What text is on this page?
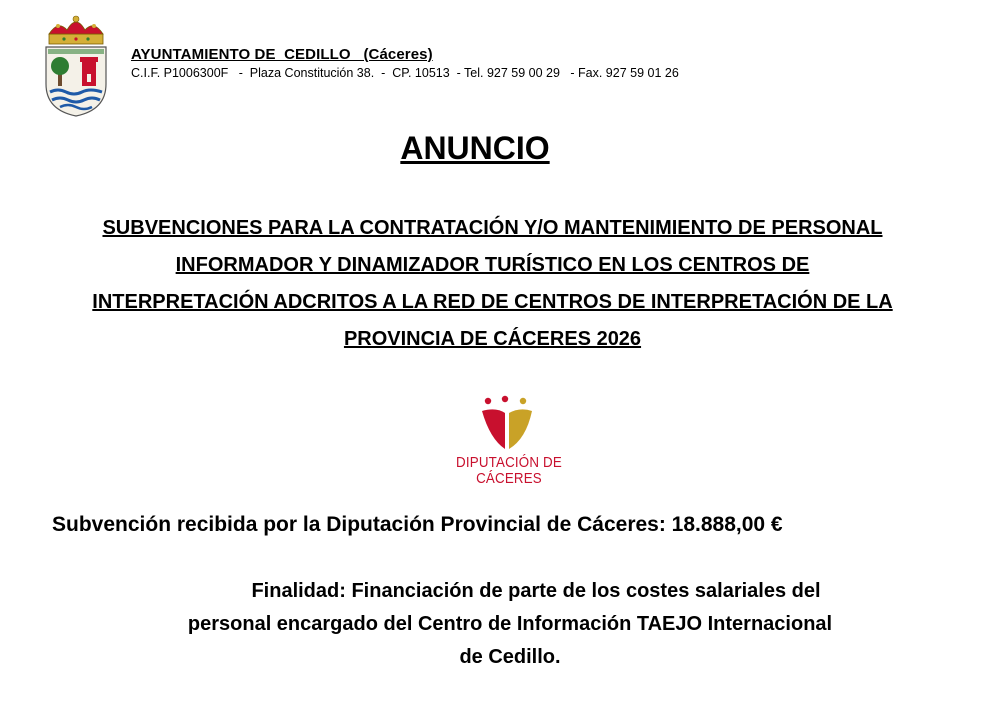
AYUNTAMIENTO DE  CEDILLO   (Cáceres)
C.I.F. P1006300F   -  Plaza Constitución 38.  -  CP. 10513  - Tel. 927 59 00 29   - Fax. 927 59 01 26
ANUNCIO
SUBVENCIONES PARA LA CONTRATACIÓN Y/O MANTENIMIENTO DE PERSONAL
INFORMADOR Y DINAMIZADOR TURÍSTICO EN LOS CENTROS DE
INTERPRETACIÓN ADCRITOS A LA RED DE CENTROS DE INTERPRETACIÓN DE LA
PROVINCIA DE CÁCERES 2026
DIPUTACIÓN DE CÁCERES
Subvención recibida por la Diputación Provincial de Cáceres: 18.888,00 €
Finalidad: Financiación de parte de los costes salariales del
personal encargado del Centro de Información TAEJO Internacional
de Cedillo.
